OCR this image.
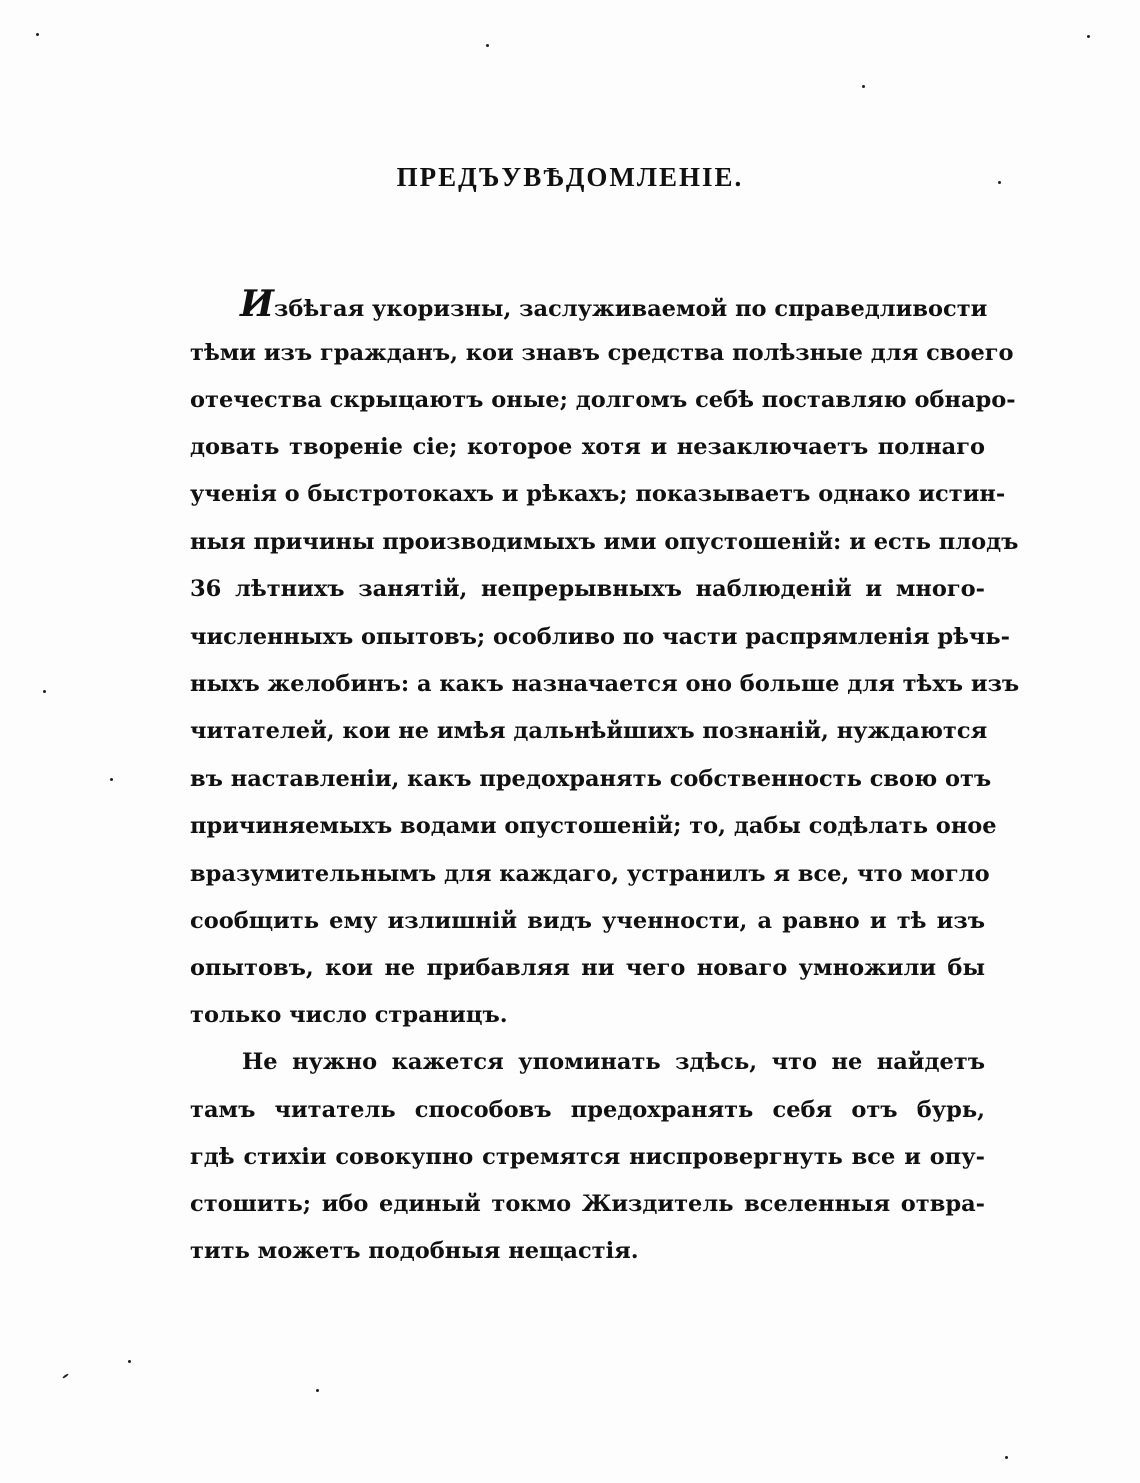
ПРЕДЪУВѢДОМЛЕНІЕ.
Избѣгая укоризны, заслуживаемой по справедливости
тѣми изъ гражданъ, кои знавъ средства полѣзные для своего
отечества скрыцаютъ оные; долгомъ себѣ поставляю обнаро-
довать твореніе сіе; которое хотя и незаключаетъ полнаго
ученія о быстротокахъ и рѣкахъ; показываетъ однако истин-
ныя причины производимыхъ ими опустошеній: и есть плодъ
36 лѣтнихъ занятій, непрерывныхъ наблюденій и много-
численныхъ опытовъ; особливо по части распрямленія рѣчь-
ныхъ желобинъ: а какъ назначается оно больше для тѣхъ изъ
читателей, кои не имѣя дальнѣйшихъ познаній, нуждаются
въ наставленіи, какъ предохранять собственность свою отъ
причиняемыхъ водами опустошеній; то, дабы содѣлать оное
вразумительнымъ для каждаго, устранилъ я все, что могло
сообщить ему излишній видъ ученности, а равно и тѣ изъ
опытовъ, кои не прибавляя ни чего новаго умножили бы
только число страницъ.
Не нужно кажется упоминать здѣсь, что не найдетъ
тамъ читатель способовъ предохранять себя отъ бурь,
гдѣ стихіи совокупно стремятся ниспровергнуть все и опу-
стошить; ибо единый токмо Жиздитель вселенныя отвра-
тить можетъ подобныя нещастія.
